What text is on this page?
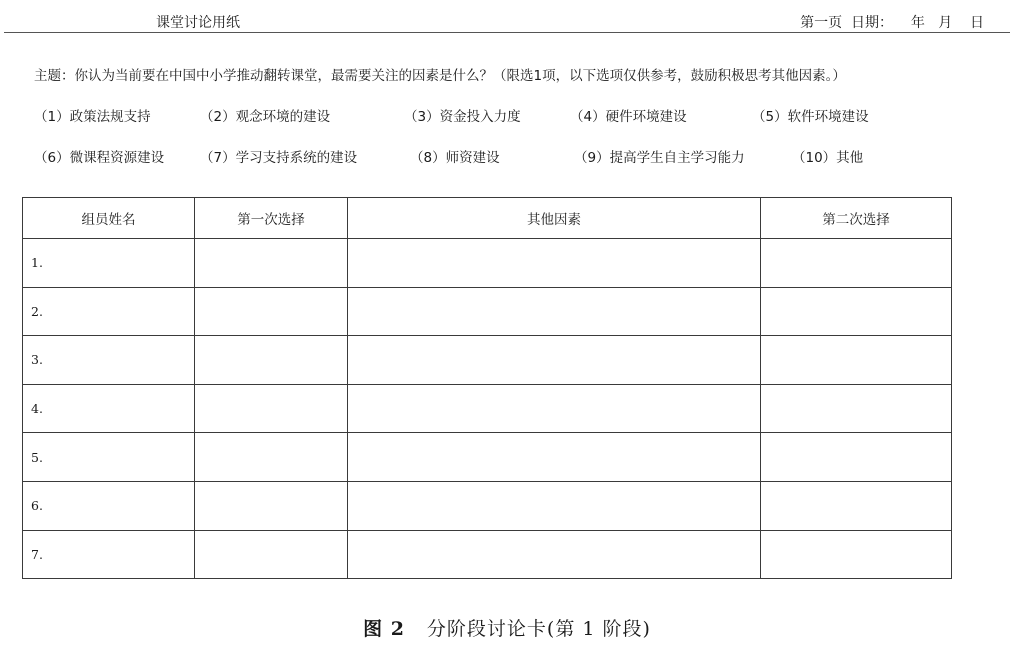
课堂讨论用纸	第一页  日期：    年   月    日
主题：你认为当前要在中国中小学推动翻转课堂，最需要关注的因素是什么？（限选1项，以下选项仅供参考，鼓励积极思考其他因素。）
（1）政策法规支持	（2）观念环境的建设	（3）资金投入力度	（4）硬件环境建设	（5）软件环境建设
（6）微课程资源建设	（7）学习支持系统的建设	（8）师资建设	（9）提高学生自主学习能力	（10）其他
组员姓名	第一次选择	其他因素	第二次选择
1.			
2.			
3.			
4.			
5.			
6.			
7.			
图 2 分阶段讨论卡(第 1 阶段)
